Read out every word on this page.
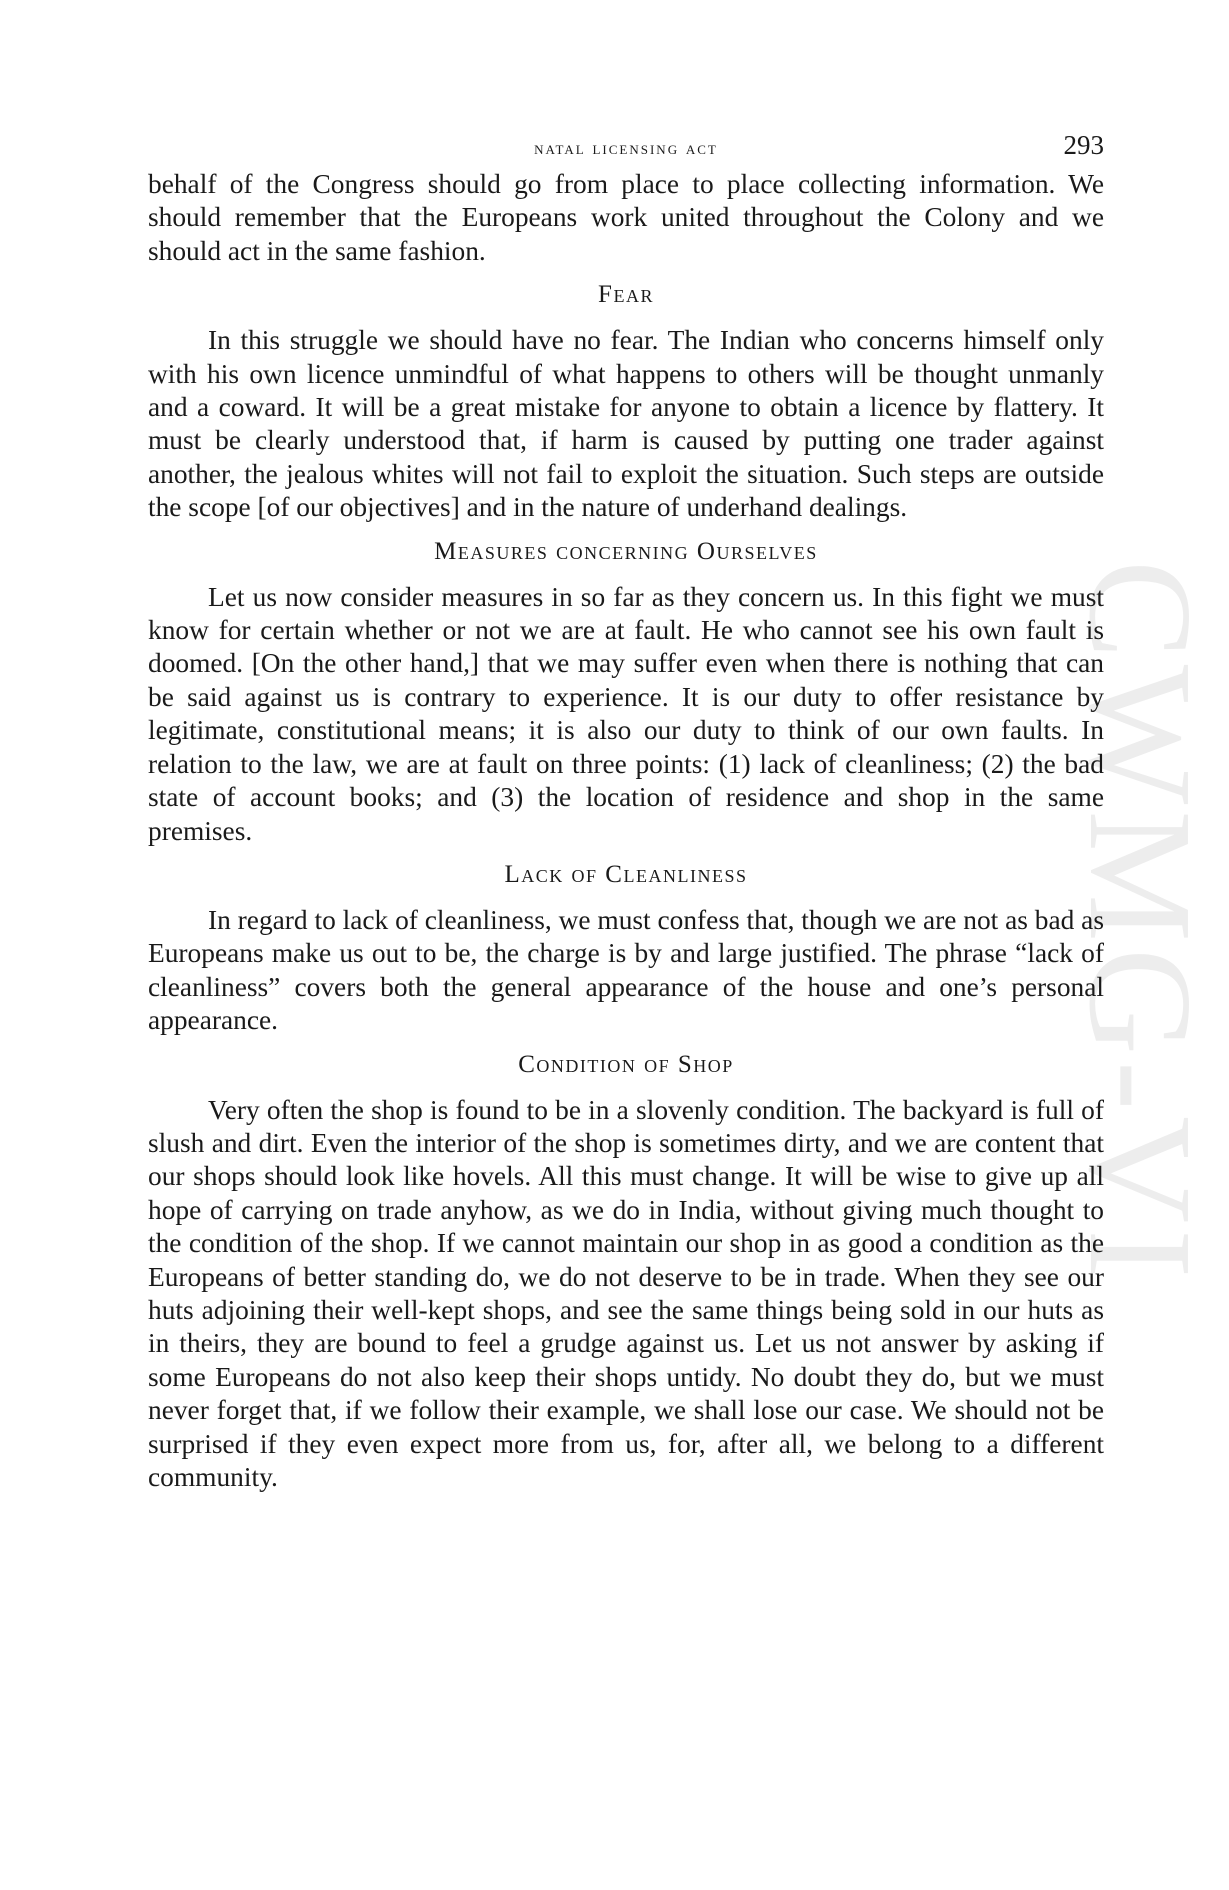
CWMG-VI
natal licensing act	293

behalf of the Congress should go from place to place collecting information. We should remember that the Europeans work united throughout the Colony and we should act in the same fashion.

Fear

In this struggle we should have no fear. The Indian who concerns himself only with his own licence unmindful of what happens to others will be thought unmanly and a coward. It will be a great mistake for anyone to obtain a licence by flattery. It must be clearly understood that, if harm is caused by putting one trader against another, the jealous whites will not fail to exploit the situation. Such steps are outside the scope [of our objectives] and in the nature of underhand dealings.

Measures concerning Ourselves

Let us now consider measures in so far as they concern us. In this fight we must know for certain whether or not we are at fault. He who cannot see his own fault is doomed. [On the other hand,] that we may suffer even when there is nothing that can be said against us is contrary to experience. It is our duty to offer resistance by legitimate, constitutional means; it is also our duty to think of our own faults. In relation to the law, we are at fault on three points: (1) lack of cleanliness; (2) the bad state of account books; and (3) the location of residence and shop in the same premises.

Lack of Cleanliness

In regard to lack of cleanliness, we must confess that, though we are not as bad as Europeans make us out to be, the charge is by and large justified. The phrase “lack of cleanliness” covers both the general appearance of the house and one’s personal appearance.

Condition of Shop

Very often the shop is found to be in a slovenly condition. The backyard is full of slush and dirt. Even the interior of the shop is sometimes dirty, and we are content that our shops should look like hovels. All this must change. It will be wise to give up all hope of carrying on trade anyhow, as we do in India, without giving much thought to the condition of the shop. If we cannot maintain our shop in as good a condition as the Europeans of better standing do, we do not deserve to be in trade. When they see our huts adjoining their well-kept shops, and see the same things being sold in our huts as in theirs, they are bound to feel a grudge against us. Let us not answer by asking if some Europeans do not also keep their shops untidy. No doubt they do, but we must never forget that, if we follow their example, we shall lose our case. We should not be surprised if they even expect more from us, for, after all, we belong to a different community.
